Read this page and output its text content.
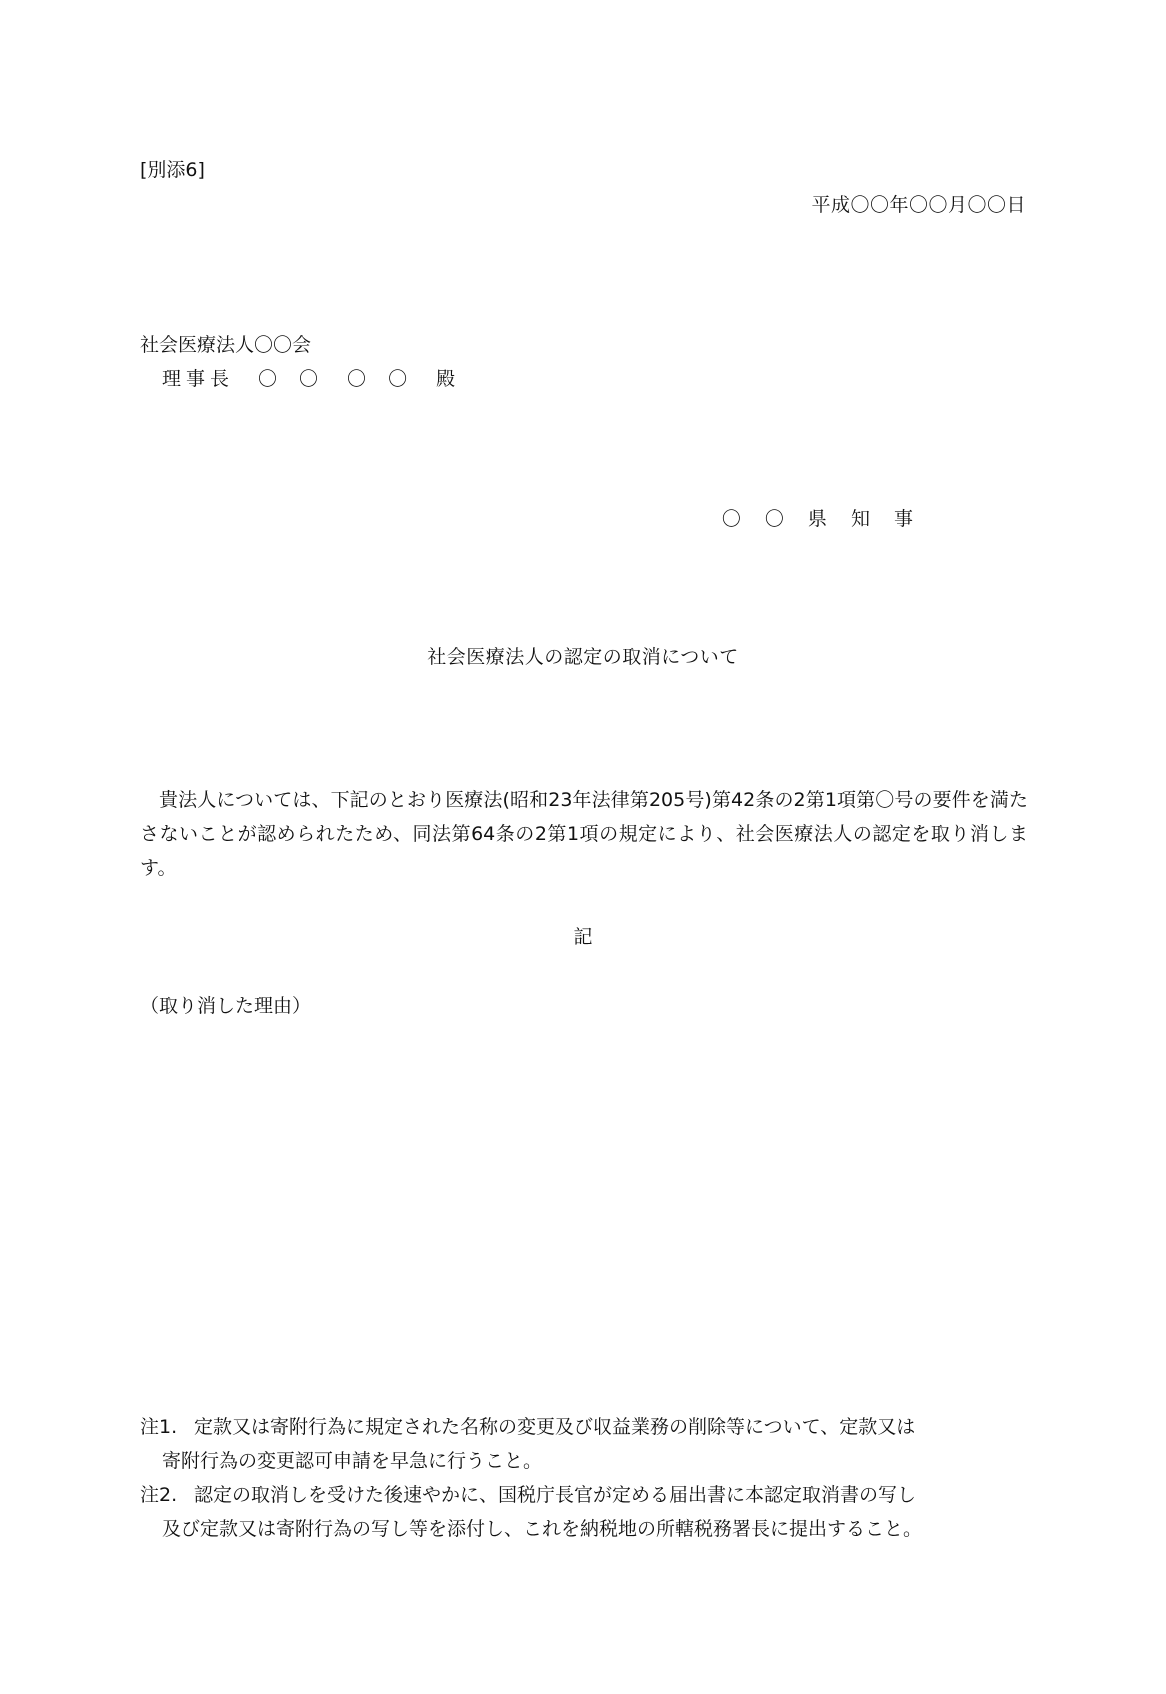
[別添6]

平成〇〇年〇〇月〇〇日

社会医療法人〇〇会

理事長　〇 〇　〇 〇　殿

〇 〇 県 知 事

社会医療法人の認定の取消について

貴法人については、下記のとおり医療法(昭和23年法律第205号)第42条の2第1項第〇号の要件を満たさないことが認められたため、同法第64条の2第1項の規定により、社会医療法人の認定を取り消します。

記

（取り消した理由）

注1. 定款又は寄附行為に規定された名称の変更及び収益業務の削除等について、定款又は
寄附行為の変更認可申請を早急に行うこと。
注2. 認定の取消しを受けた後速やかに、国税庁長官が定める届出書に本認定取消書の写し
及び定款又は寄附行為の写し等を添付し、これを納税地の所轄税務署長に提出すること。
